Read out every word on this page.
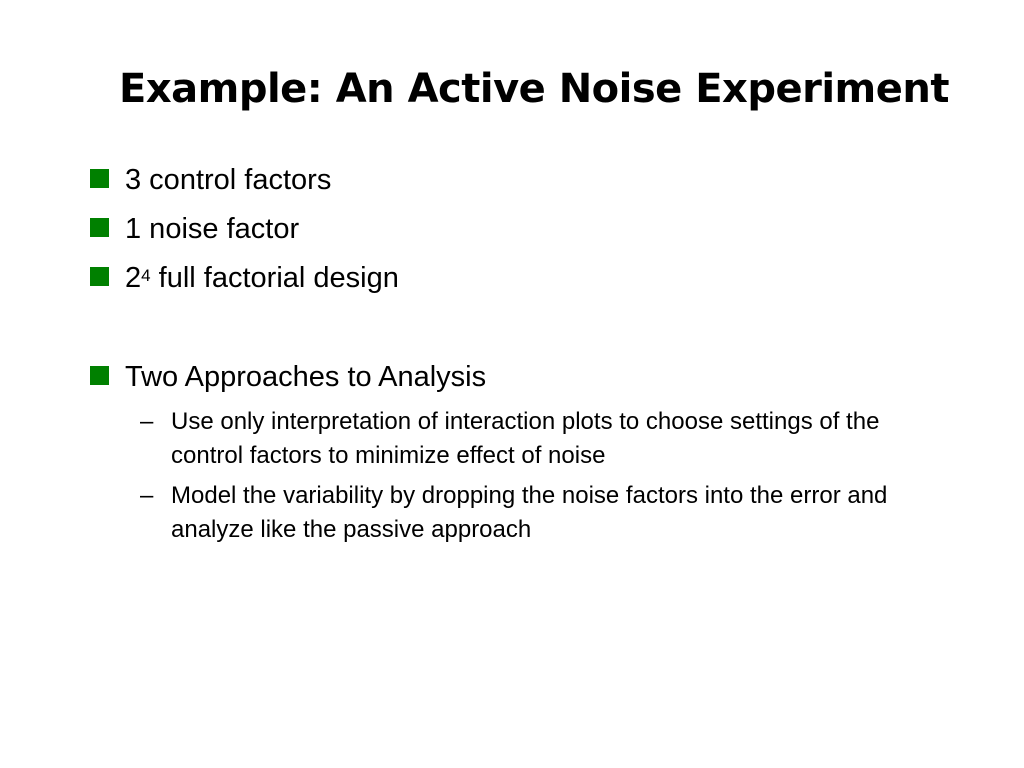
Example: An Active Noise Experiment
3 control factors
1 noise factor
$2^4$ full factorial design
Two Approaches to Analysis
– Use only interpretation of interaction plots to choose settings of the control factors to minimize effect of noise
– Model the variability by dropping the noise factors into the error and analyze like the passive approach
